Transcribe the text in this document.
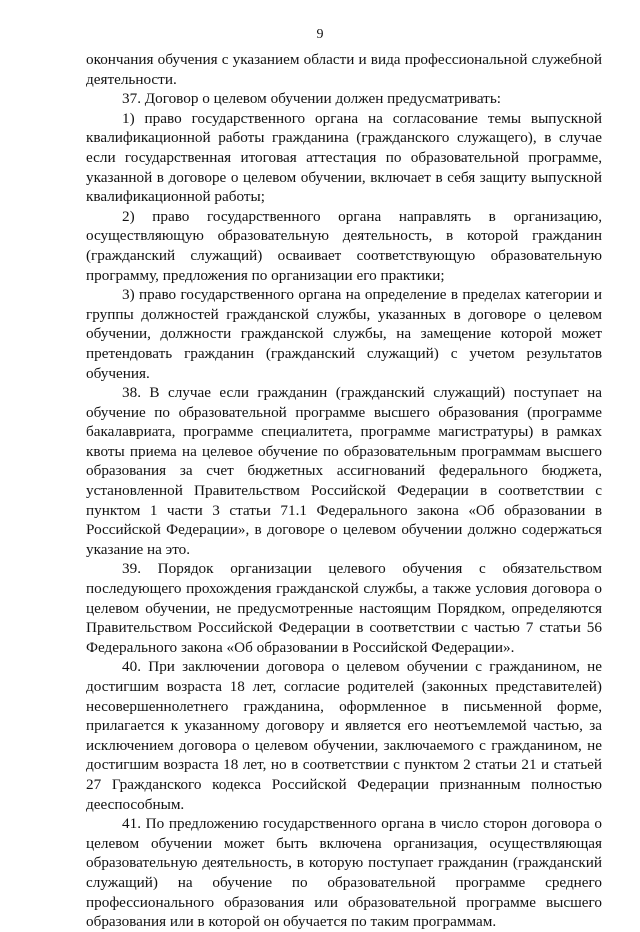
9

окончания обучения с указанием области и вида профессиональной служебной деятельности.

37. Договор о целевом обучении должен предусматривать:

1) право государственного органа на согласование темы выпускной квалификационной работы гражданина (гражданского служащего), в случае если государственная итоговая аттестация по образовательной программе, указанной в договоре о целевом обучении, включает в себя защиту выпускной квалификационной работы;

2) право государственного органа направлять в организацию, осуществляющую образовательную деятельность, в которой гражданин (гражданский служащий) осваивает соответствующую образовательную программу, предложения по организации его практики;

3) право государственного органа на определение в пределах категории и группы должностей гражданской службы, указанных в договоре о целевом обучении, должности гражданской службы, на замещение которой может претендовать гражданин (гражданский служащий) с учетом результатов обучения.

38. В случае если гражданин (гражданский служащий) поступает на обучение по образовательной программе высшего образования (программе бакалавриата, программе специалитета, программе магистратуры) в рамках квоты приема на целевое обучение по образовательным программам высшего образования за счет бюджетных ассигнований федерального бюджета, установленной Правительством Российской Федерации в соответствии с пунктом 1 части 3 статьи 71.1 Федерального закона «Об образовании в Российской Федерации», в договоре о целевом обучении должно содержаться указание на это.

39. Порядок организации целевого обучения с обязательством последующего прохождения гражданской службы, а также условия договора о целевом обучении, не предусмотренные настоящим Порядком, определяются Правительством Российской Федерации в соответствии с частью 7 статьи 56 Федерального закона «Об образовании в Российской Федерации».

40. При заключении договора о целевом обучении с гражданином, не достигшим возраста 18 лет, согласие родителей (законных представителей) несовершеннолетнего гражданина, оформленное в письменной форме, прилагается к указанному договору и является его неотъемлемой частью, за исключением договора о целевом обучении, заключаемого с гражданином, не достигшим возраста 18 лет, но в соответствии с пунктом 2 статьи 21 и статьей 27 Гражданского кодекса Российской Федерации признанным полностью дееспособным.

41. По предложению государственного органа в число сторон договора о целевом обучении может быть включена организация, осуществляющая образовательную деятельность, в которую поступает гражданин (гражданский служащий) на обучение по образовательной программе среднего профессионального образования или образовательной программе высшего образования или в которой он обучается по таким программам.
